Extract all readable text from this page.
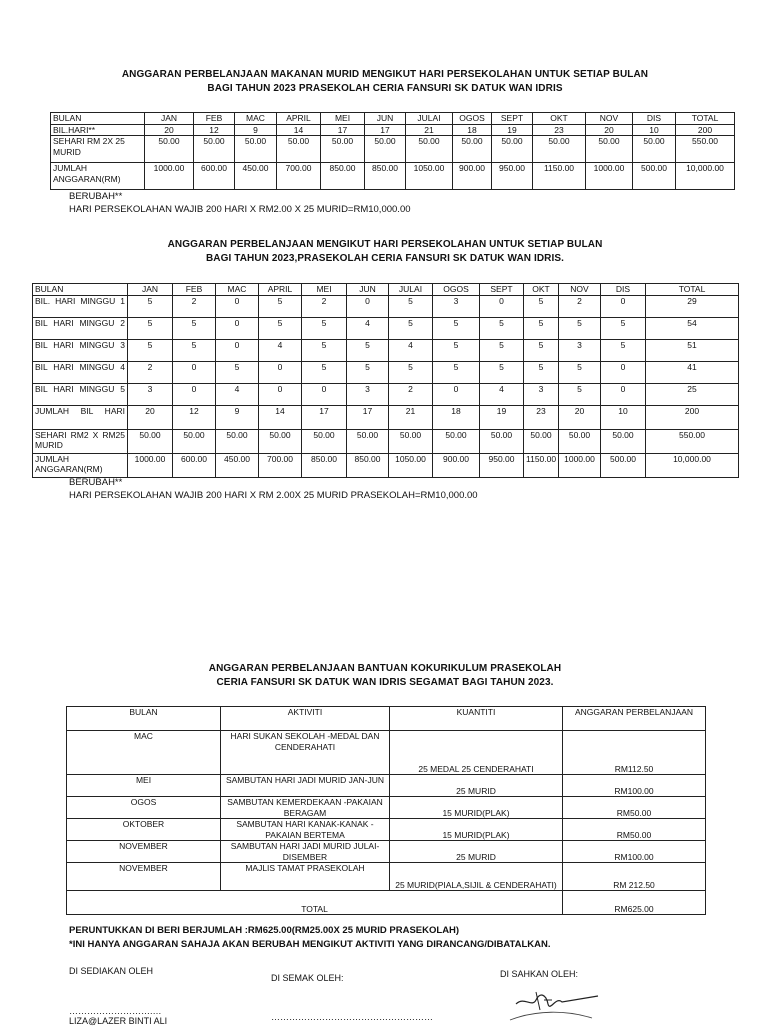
ANGGARAN PERBELANJAAN MAKANAN MURID MENGIKUT HARI PERSEKOLAHAN UNTUK SETIAP BULAN
BAGI TAHUN 2023 PRASEKOLAH CERIA FANSURI SK DATUK WAN IDRIS
BULAN	JAN	FEB	MAC	APRIL	MEI	JUN	JULAI	OGOS	SEPT	OKT	NOV	DIS	TOTAL
BIL.HARI**	20	12	9	14	17	17	21	18	19	23	20	10	200
SEHARI RM 2X 25 MURID	50.00	50.00	50.00	50.00	50.00	50.00	50.00	50.00	50.00	50.00	50.00	50.00	550.00
JUMLAH ANGGARAN(RM)	1000.00	600.00	450.00	700.00	850.00	850.00	1050.00	900.00	950.00	1150.00	1000.00	500.00	10,000.00
BERUBAH**
HARI PERSEKOLAHAN WAJIB 200 HARI X RM2.00 X 25 MURID=RM10,000.00
ANGGARAN PERBELANJAAN MENGIKUT HARI PERSEKOLAHAN UNTUK SETIAP BULAN
BAGI TAHUN 2023,PRASEKOLAH CERIA FANSURI SK DATUK WAN IDRIS.
BULAN	JAN	FEB	MAC	APRIL	MEI	JUN	JULAI	OGOS	SEPT	OKT	NOV	DIS	TOTAL
BIL. HARI MINGGU 1	5	2	0	5	2	0	5	3	0	5	2	0	29
BIL HARI MINGGU 2	5	5	0	5	5	4	5	5	5	5	5	5	54
BIL HARI MINGGU 3	5	5	0	4	5	5	4	5	5	5	3	5	51
BIL HARI MINGGU 4	2	0	5	0	5	5	5	5	5	5	5	0	41
BIL HARI MINGGU 5	3	0	4	0	0	3	2	0	4	3	5	0	25
JUMLAH BIL HARI	20	12	9	14	17	17	21	18	19	23	20	10	200
SEHARI RM2 X RM25 MURID	50.00	50.00	50.00	50.00	50.00	50.00	50.00	50.00	50.00	50.00	50.00	50.00	550.00
JUMLAH ANGGARAN(RM)	1000.00	600.00	450.00	700.00	850.00	850.00	1050.00	900.00	950.00	1150.00	1000.00	500.00	10,000.00
BERUBAH**
HARI PERSEKOLAHAN WAJIB 200 HARI X RM 2.00X 25 MURID PRASEKOLAH=RM10,000.00
ANGGARAN PERBELANJAAN BANTUAN KOKURIKULUM PRASEKOLAH
CERIA FANSURI SK DATUK WAN IDRIS SEGAMAT BAGI TAHUN 2023.
BULAN	AKTIVITI	KUANTITI	ANGGARAN PERBELANJAAN
MAC	HARI SUKAN SEKOLAH -MEDAL DAN CENDERAHATI	25 MEDAL 25 CENDERAHATI	RM112.50
MEI	SAMBUTAN HARI JADI MURID JAN-JUN	25 MURID	RM100.00
OGOS	SAMBUTAN KEMERDEKAAN -PAKAIAN BERAGAM	15 MURID(PLAK)	RM50.00
OKTOBER	SAMBUTAN HARI KANAK-KANAK -PAKAIAN BERTEMA	15 MURID(PLAK)	RM50.00
NOVEMBER	SAMBUTAN HARI JADI MURID JULAI-DISEMBER	25 MURID	RM100.00
NOVEMBER	MAJLIS TAMAT PRASEKOLAH	25 MURID(PIALA,SIJIL & CENDERAHATI)	RM 212.50
TOTAL			RM625.00
PERUNTUKKAN DI BERI BERJUMLAH :RM625.00(RM25.00X 25 MURID PRASEKOLAH)
*INI HANYA ANGGARAN SAHAJA AKAN BERUBAH MENGIKUT AKTIVITI YANG DIRANCANG/DIBATALKAN.
DI SEDIAKAN OLEH
DI SEMAK OLEH:	DI SAHKAN OLEH:
……………………….…
………………………………………………
LIZA@LAZER BINTI ALI
